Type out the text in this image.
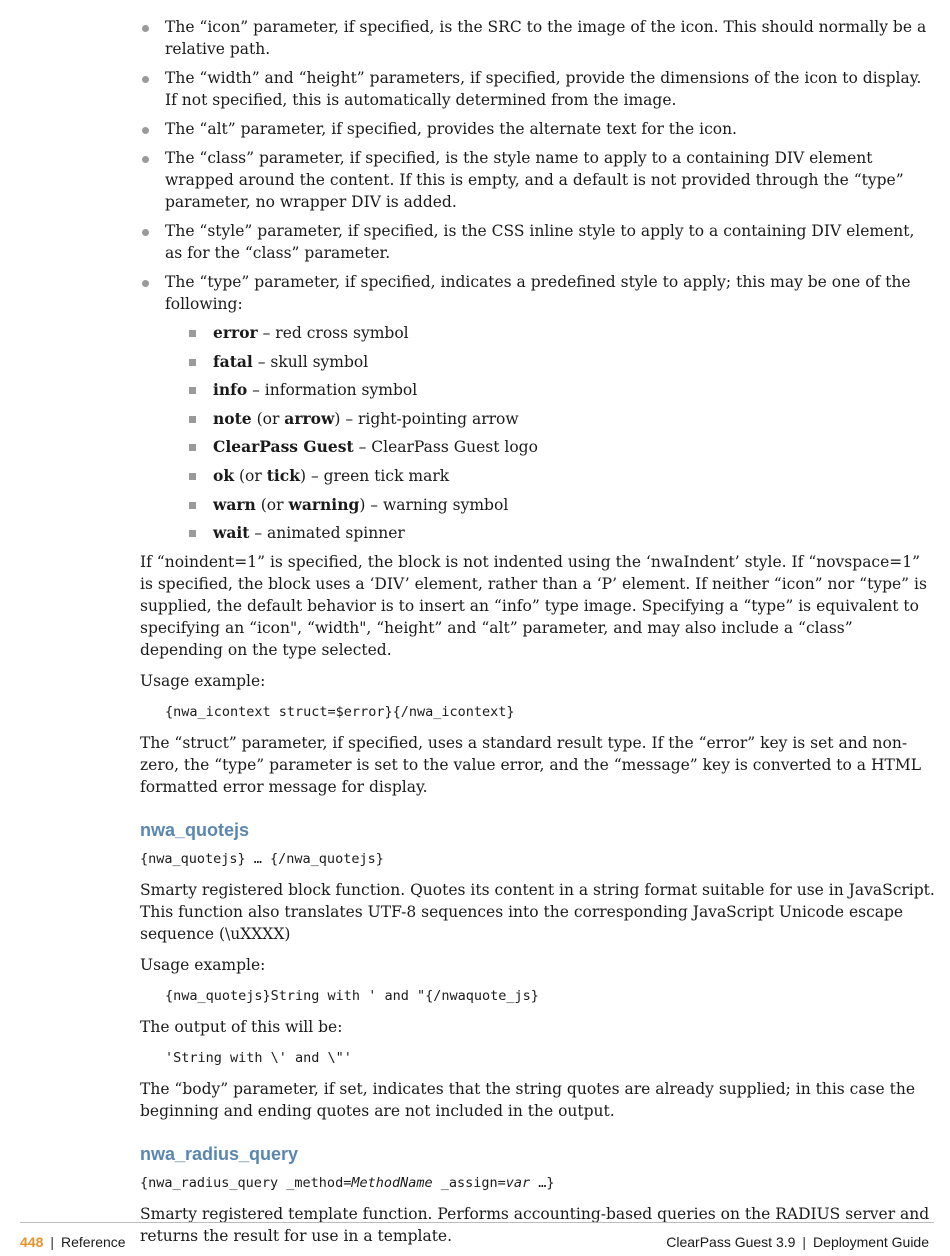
The “icon” parameter, if specified, is the SRC to the image of the icon. This should normally be a relative path.
The “width” and “height” parameters, if specified, provide the dimensions of the icon to display. If not specified, this is automatically determined from the image.
The “alt” parameter, if specified, provides the alternate text for the icon.
The “class” parameter, if specified, is the style name to apply to a containing DIV element wrapped around the content. If this is empty, and a default is not provided through the “type” parameter, no wrapper DIV is added.
The “style” parameter, if specified, is the CSS inline style to apply to a containing DIV element, as for the “class” parameter.
The “type” parameter, if specified, indicates a predefined style to apply; this may be one of the following:
error – red cross symbol
fatal – skull symbol
info – information symbol
note (or arrow) – right-pointing arrow
ClearPass Guest – ClearPass Guest logo
ok (or tick) – green tick mark
warn (or warning) – warning symbol
wait – animated spinner

If “noindent=1” is specified, the block is not indented using the ‘nwaIndent’ style. If “novspace=1” is specified, the block uses a ‘DIV’ element, rather than a ‘P’ element. If neither “icon” nor “type” is supplied, the default behavior is to insert an “info” type image. Specifying a “type” is equivalent to specifying an “icon", “width", “height” and “alt” parameter, and may also include a “class” depending on the type selected.

Usage example:

{nwa_icontext struct=$error}{/nwa_icontext}

The “struct” parameter, if specified, uses a standard result type. If the “error” key is set and non-zero, the “type” parameter is set to the value error, and the “message” key is converted to a HTML formatted error message for display.

nwa_quotejs
{nwa_quotejs} … {/nwa_quotejs}

Smarty registered block function. Quotes its content in a string format suitable for use in JavaScript. This function also translates UTF-8 sequences into the corresponding JavaScript Unicode escape sequence (\uXXXX)

Usage example:

{nwa_quotejs}String with ' and "{/nwaquote_js}

The output of this will be:

'String with \' and \"'

The “body” parameter, if set, indicates that the string quotes are already supplied; in this case the beginning and ending quotes are not included in the output.

nwa_radius_query
{nwa_radius_query _method=MethodName _assign=var …}

Smarty registered template function. Performs accounting-based queries on the RADIUS server and returns the result for use in a template.

448 | Reference	ClearPass Guest 3.9 | Deployment Guide
